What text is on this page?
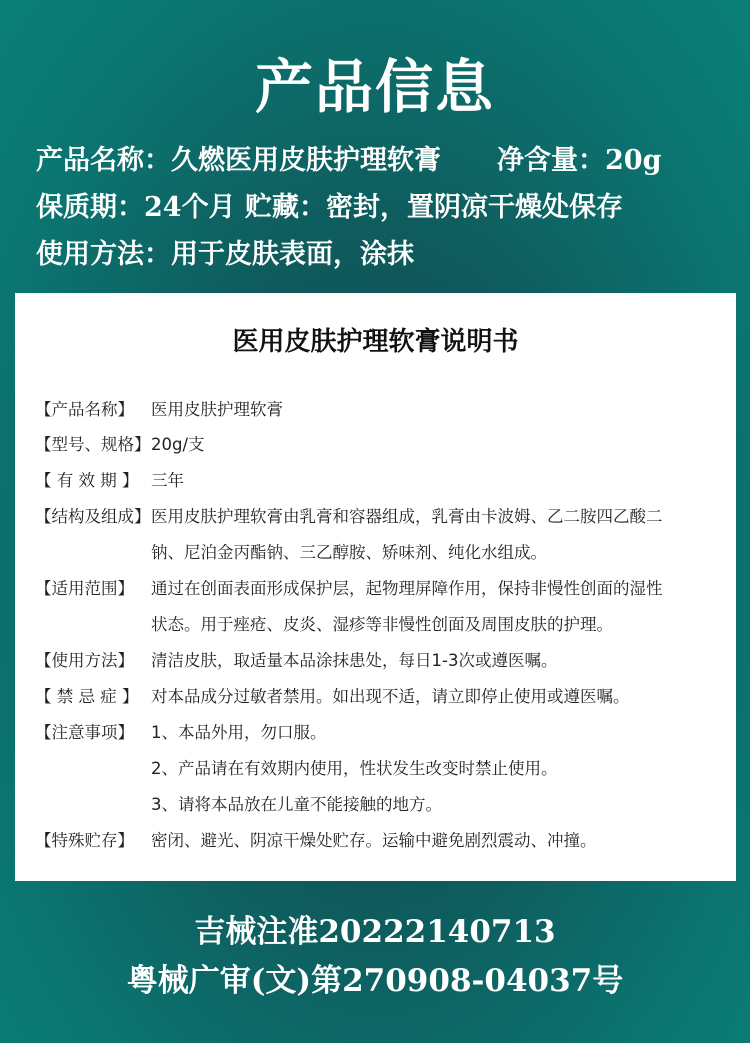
产品信息
产品名称：久燃医用皮肤护理软膏 净含量：20g
保质期：24个月 贮藏：密封，置阴凉干燥处保存
使用方法：用于皮肤表面，涂抹
医用皮肤护理软膏说明书
【产品名称】 医用皮肤护理软膏
【型号、规格】 20g/支
【 有 效 期 】 三年
【结构及组成】 医用皮肤护理软膏由乳膏和容器组成，乳膏由卡波姆、乙二胺四乙酸二
钠、尼泊金丙酯钠、三乙醇胺、矫味剂、纯化水组成。
【适用范围】 通过在创面表面形成保护层，起物理屏障作用，保持非慢性创面的湿性
状态。用于痤疮、皮炎、湿疹等非慢性创面及周围皮肤的护理。
【使用方法】 清洁皮肤，取适量本品涂抹患处，每日1-3次或遵医嘱。
【 禁 忌 症 】 对本品成分过敏者禁用。如出现不适，请立即停止使用或遵医嘱。
【注意事项】 1、本品外用，勿口服。
2、产品请在有效期内使用，性状发生改变时禁止使用。
3、请将本品放在儿童不能接触的地方。
【特殊贮存】 密闭、避光、阴凉干燥处贮存。运输中避免剧烈震动、冲撞。
吉械注准20222140713
粤械广审(文)第270908-04037号
